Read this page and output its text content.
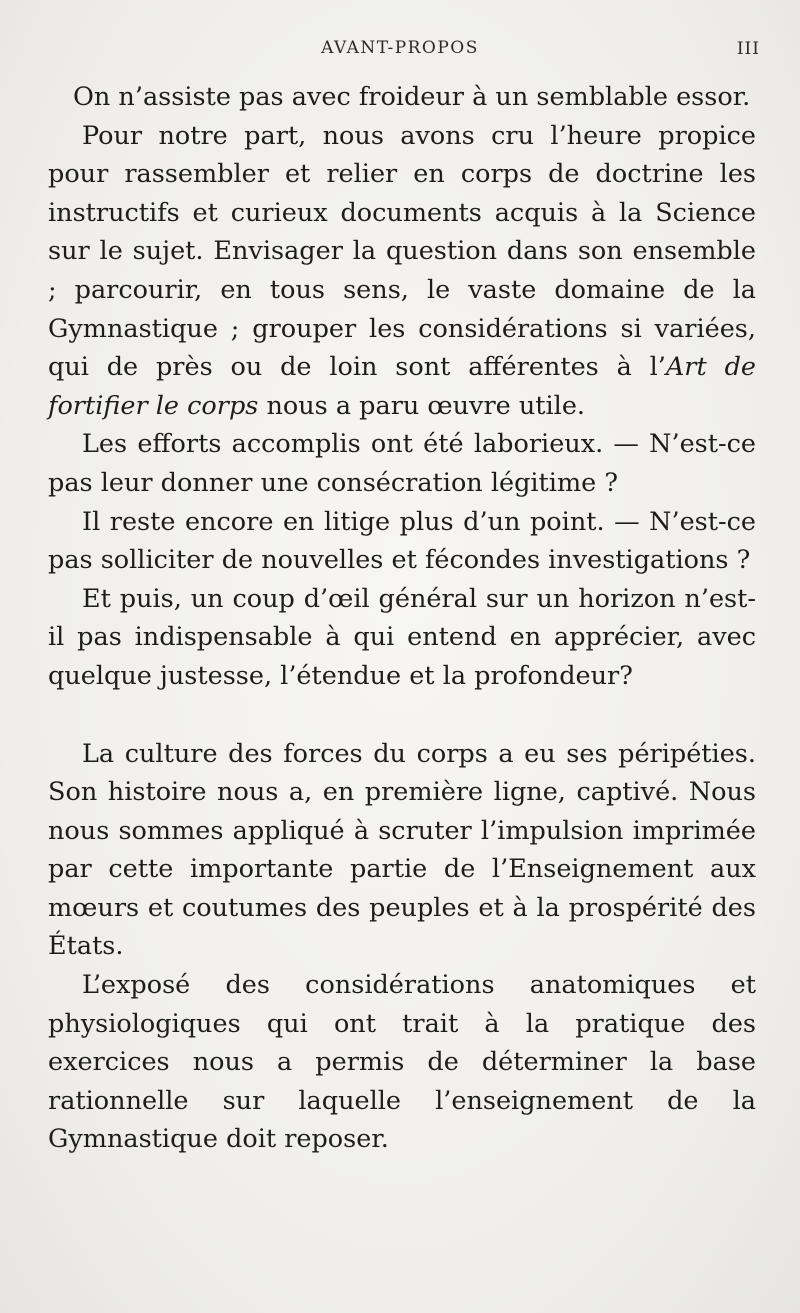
AVANT-PROPOS	III

On n’assiste pas avec froideur à un semblable essor.

Pour notre part, nous avons cru l’heure propice pour rassembler et relier en corps de doctrine les instructifs et curieux documents acquis à la Science sur le sujet. Envisager la question dans son ensemble ; parcourir, en tous sens, le vaste domaine de la Gymnastique ; grouper les considérations si variées, qui de près ou de loin sont afférentes à l’Art de fortifier le corps nous a paru œuvre utile.

Les efforts accomplis ont été laborieux. — N’est-ce pas leur donner une consécration légitime ?

Il reste encore en litige plus d’un point. — N’est-ce pas solliciter de nouvelles et fécondes investigations ?

Et puis, un coup d’œil général sur un horizon n’est-il pas indispensable à qui entend en apprécier, avec quelque justesse, l’étendue et la profondeur?

La culture des forces du corps a eu ses péripéties. Son histoire nous a, en première ligne, captivé. Nous nous sommes appliqué à scruter l’impulsion imprimée par cette importante partie de l’Enseignement aux mœurs et coutumes des peuples et à la prospérité des États.

L’exposé des considérations anatomiques et physiologiques qui ont trait à la pratique des exercices nous a permis de déterminer la base rationnelle sur laquelle l’enseignement de la Gymnastique doit reposer.
